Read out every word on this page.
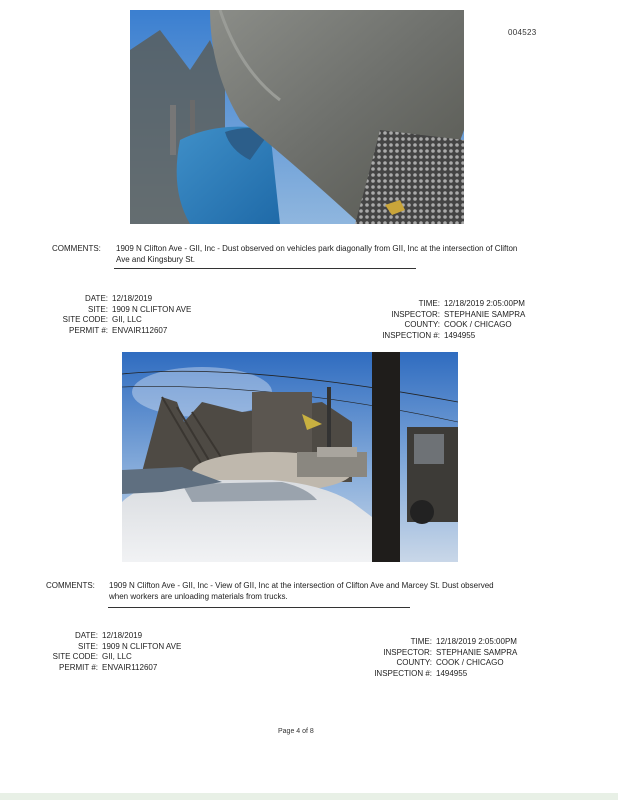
004523
COMMENTS: 1909 N Clifton Ave - GII, Inc - Dust observed on vehicles park diagonally from GII, Inc at the intersection of Clifton Ave and Kingsbury St.
DATE: 12/18/2019
SITE: 1909 N CLIFTON AVE
SITE CODE: GII, LLC
PERMIT #: ENVAIR112607
TIME: 12/18/2019 2:05:00PM
INSPECTOR: STEPHANIE SAMPRA
COUNTY: COOK / CHICAGO
INSPECTION #: 1494955
COMMENTS: 1909 N Clifton Ave - GII, Inc - View of GII, Inc at the intersection of Clifton Ave and Marcey St. Dust observed when workers are unloading materials from trucks.
DATE: 12/18/2019
SITE: 1909 N CLIFTON AVE
SITE CODE: GII, LLC
PERMIT #: ENVAIR112607
TIME: 12/18/2019 2:05:00PM
INSPECTOR: STEPHANIE SAMPRA
COUNTY: COOK / CHICAGO
INSPECTION #: 1494955
Page 4 of 8
